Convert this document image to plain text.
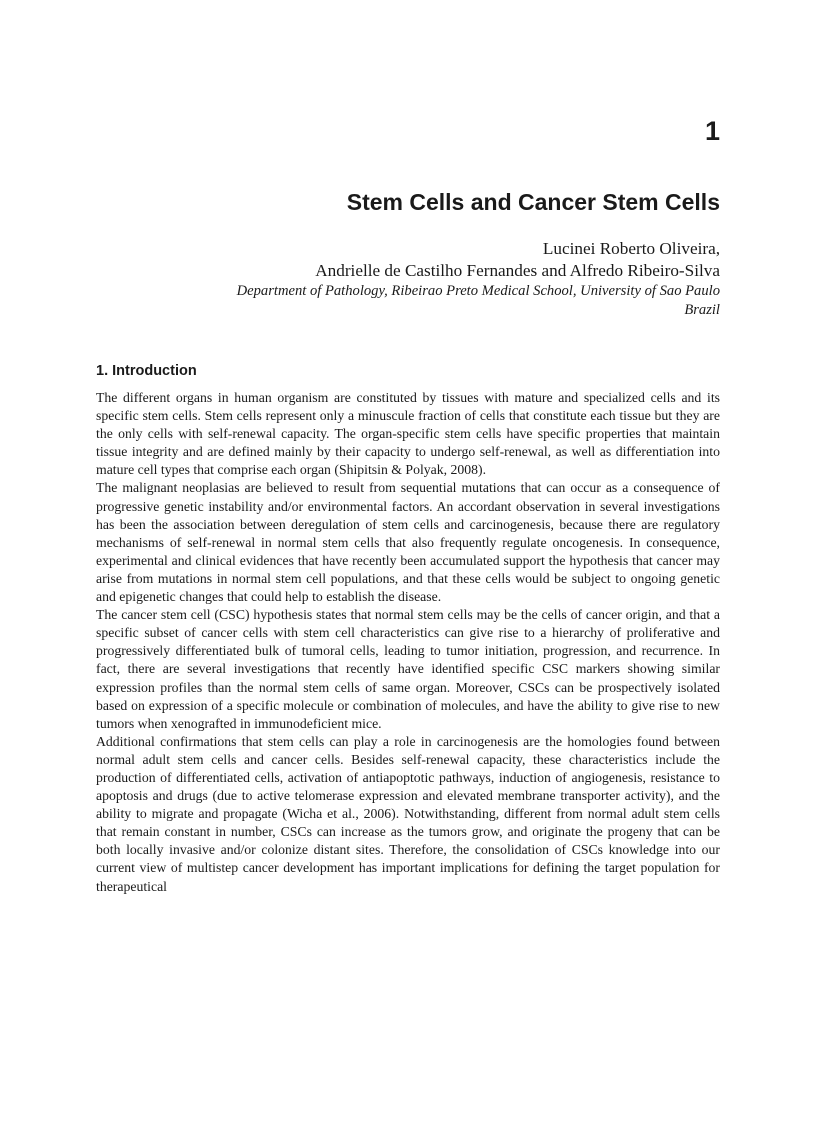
1
Stem Cells and Cancer Stem Cells
Lucinei Roberto Oliveira,
Andrielle de Castilho Fernandes and Alfredo Ribeiro-Silva
Department of Pathology, Ribeirao Preto Medical School, University of Sao Paulo
Brazil
1. Introduction

The different organs in human organism are constituted by tissues with mature and specialized cells and its specific stem cells. Stem cells represent only a minuscule fraction of cells that constitute each tissue but they are the only cells with self-renewal capacity. The organ-specific stem cells have specific properties that maintain tissue integrity and are defined mainly by their capacity to undergo self-renewal, as well as differentiation into mature cell types that comprise each organ (Shipitsin & Polyak, 2008).

The malignant neoplasias are believed to result from sequential mutations that can occur as a consequence of progressive genetic instability and/or environmental factors. An accordant observation in several investigations has been the association between deregulation of stem cells and carcinogenesis, because there are regulatory mechanisms of self-renewal in normal stem cells that also frequently regulate oncogenesis. In consequence, experimental and clinical evidences that have recently been accumulated support the hypothesis that cancer may arise from mutations in normal stem cell populations, and that these cells would be subject to ongoing genetic and epigenetic changes that could help to establish the disease.

The cancer stem cell (CSC) hypothesis states that normal stem cells may be the cells of cancer origin, and that a specific subset of cancer cells with stem cell characteristics can give rise to a hierarchy of proliferative and progressively differentiated bulk of tumoral cells, leading to tumor initiation, progression, and recurrence. In fact, there are several investigations that recently have identified specific CSC markers showing similar expression profiles than the normal stem cells of same organ. Moreover, CSCs can be prospectively isolated based on expression of a specific molecule or combination of molecules, and have the ability to give rise to new tumors when xenografted in immunodeficient mice.

Additional confirmations that stem cells can play a role in carcinogenesis are the homologies found between normal adult stem cells and cancer cells. Besides self-renewal capacity, these characteristics include the production of differentiated cells, activation of antiapoptotic pathways, induction of angiogenesis, resistance to apoptosis and drugs (due to active telomerase expression and elevated membrane transporter activity), and the ability to migrate and propagate (Wicha et al., 2006). Notwithstanding, different from normal adult stem cells that remain constant in number, CSCs can increase as the tumors grow, and originate the progeny that can be both locally invasive and/or colonize distant sites. Therefore, the consolidation of CSCs knowledge into our current view of multistep cancer development has important implications for defining the target population for therapeutical
